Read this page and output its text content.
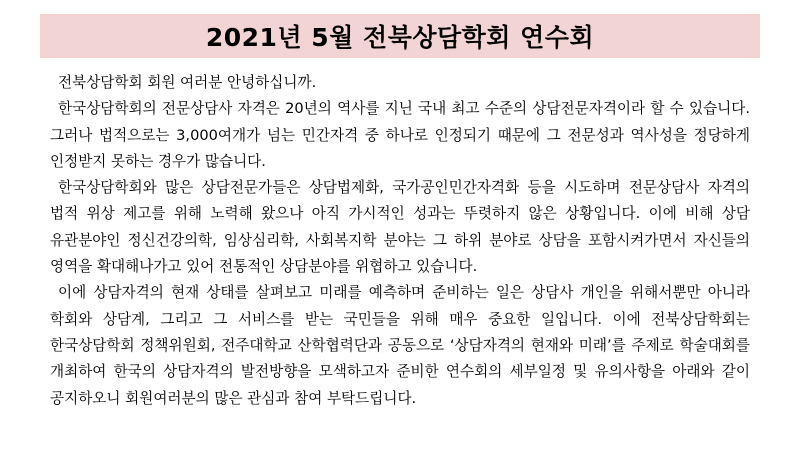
2021년 5월 전북상담학회 연수회

전북상담학회 회원 여러분 안녕하십니까.

한국상담학회의 전문상담사 자격은 20년의 역사를 지닌 국내 최고 수준의 상담전문자격이라 할 수 있습니다. 그러나 법적으로는 3,000여개가 넘는 민간자격 중 하나로 인정되기 때문에 그 전문성과 역사성을 정당하게 인정받지 못하는 경우가 많습니다.

한국상담학회와 많은 상담전문가들은 상담법제화, 국가공인민간자격화 등을 시도하며 전문상담사 자격의 법적 위상 제고를 위해 노력해 왔으나 아직 가시적인 성과는 뚜렷하지 않은 상황입니다. 이에 비해 상담 유관분야인 정신건강의학, 임상심리학, 사회복지학 분야는 그 하위 분야로 상담을 포함시켜가면서 자신들의 영역을 확대해나가고 있어 전통적인 상담분야를 위협하고 있습니다.

이에 상담자격의 현재 상태를 살펴보고 미래를 예측하며 준비하는 일은 상담사 개인을 위해서뿐만 아니라 학회와 상담계, 그리고 그 서비스를 받는 국민들을 위해 매우 중요한 일입니다. 이에 전북상담학회는 한국상담학회 정책위원회, 전주대학교 산학협력단과 공동으로 ‘상담자격의 현재와 미래’를 주제로 학술대회를 개최하여 한국의 상담자격의 발전방향을 모색하고자 준비한 연수회의 세부일정 및 유의사항을 아래와 같이 공지하오니 회원여러분의 많은 관심과 참여 부탁드립니다.
